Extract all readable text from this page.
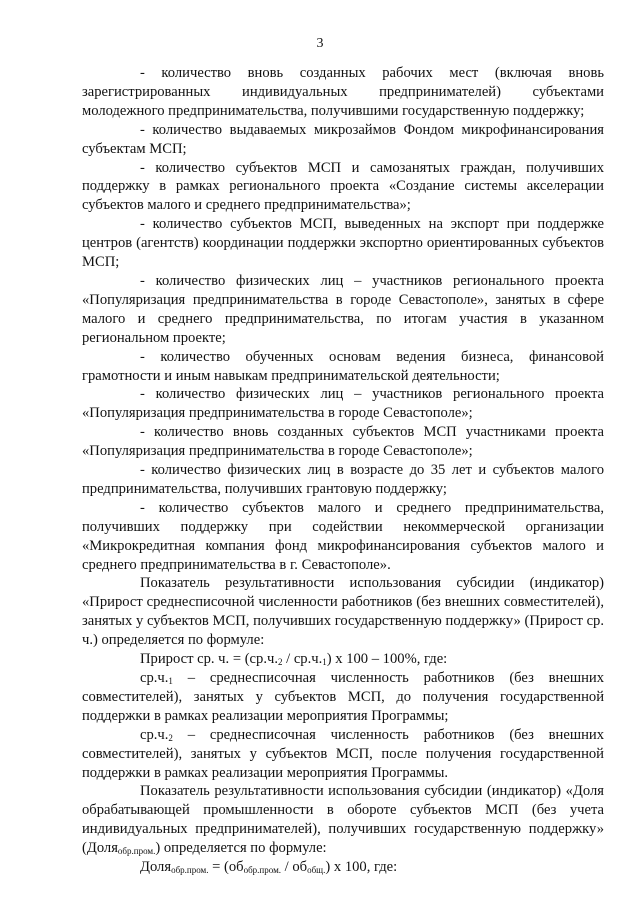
3

- количество вновь созданных рабочих мест (включая вновь зарегистрированных индивидуальных предпринимателей) субъектами молодежного предпринимательства, получившими государственную поддержку;

- количество выдаваемых микрозаймов Фондом микрофинансирования субъектам МСП;

- количество субъектов МСП и самозанятых граждан, получивших поддержку в рамках регионального проекта «Создание системы акселерации субъектов малого и среднего предпринимательства»;

- количество субъектов МСП, выведенных на экспорт при поддержке центров (агентств) координации поддержки экспортно ориентированных субъектов МСП;

- количество физических лиц – участников регионального проекта «Популяризация предпринимательства в городе Севастополе», занятых в сфере малого и среднего предпринимательства, по итогам участия в указанном региональном проекте;

- количество обученных основам ведения бизнеса, финансовой грамотности и иным навыкам предпринимательской деятельности;

- количество физических лиц – участников регионального проекта «Популяризация предпринимательства в городе Севастополе»;

- количество вновь созданных субъектов МСП участниками проекта «Популяризация предпринимательства в городе Севастополе»;

- количество физических лиц в возрасте до 35 лет и субъектов малого предпринимательства, получивших грантовую поддержку;

- количество субъектов малого и среднего предпринимательства, получивших поддержку при содействии некоммерческой организации «Микрокредитная компания фонд микрофинансирования субъектов малого и среднего предпринимательства в г. Севастополе».

Показатель результативности использования субсидии (индикатор) «Прирост среднесписочной численности работников (без внешних совместителей), занятых у субъектов МСП, получивших государственную поддержку» (Прирост ср. ч.) определяется по формуле:

Прирост ср. ч. = $(ср.ч._2 / ср.ч._1)$ х 100 – 100%, где:

$ср.ч._1$ – среднесписочная численность работников (без внешних совместителей), занятых у субъектов МСП, до получения государственной поддержки в рамках реализации мероприятия Программы;

$ср.ч._2$ – среднесписочная численность работников (без внешних совместителей), занятых у субъектов МСП, после получения государственной поддержки в рамках реализации мероприятия Программы.

Показатель результативности использования субсидии (индикатор) «Доля обрабатывающей промышленности в обороте субъектов МСП (без учета индивидуальных предпринимателей), получивших государственную поддержку» (Доля$_{обр.пром.}$) определяется по формуле:

Доля$_{обр.пром.}$ = $(об_{обр.пром.} / об_{общ.})$ х 100, где:
